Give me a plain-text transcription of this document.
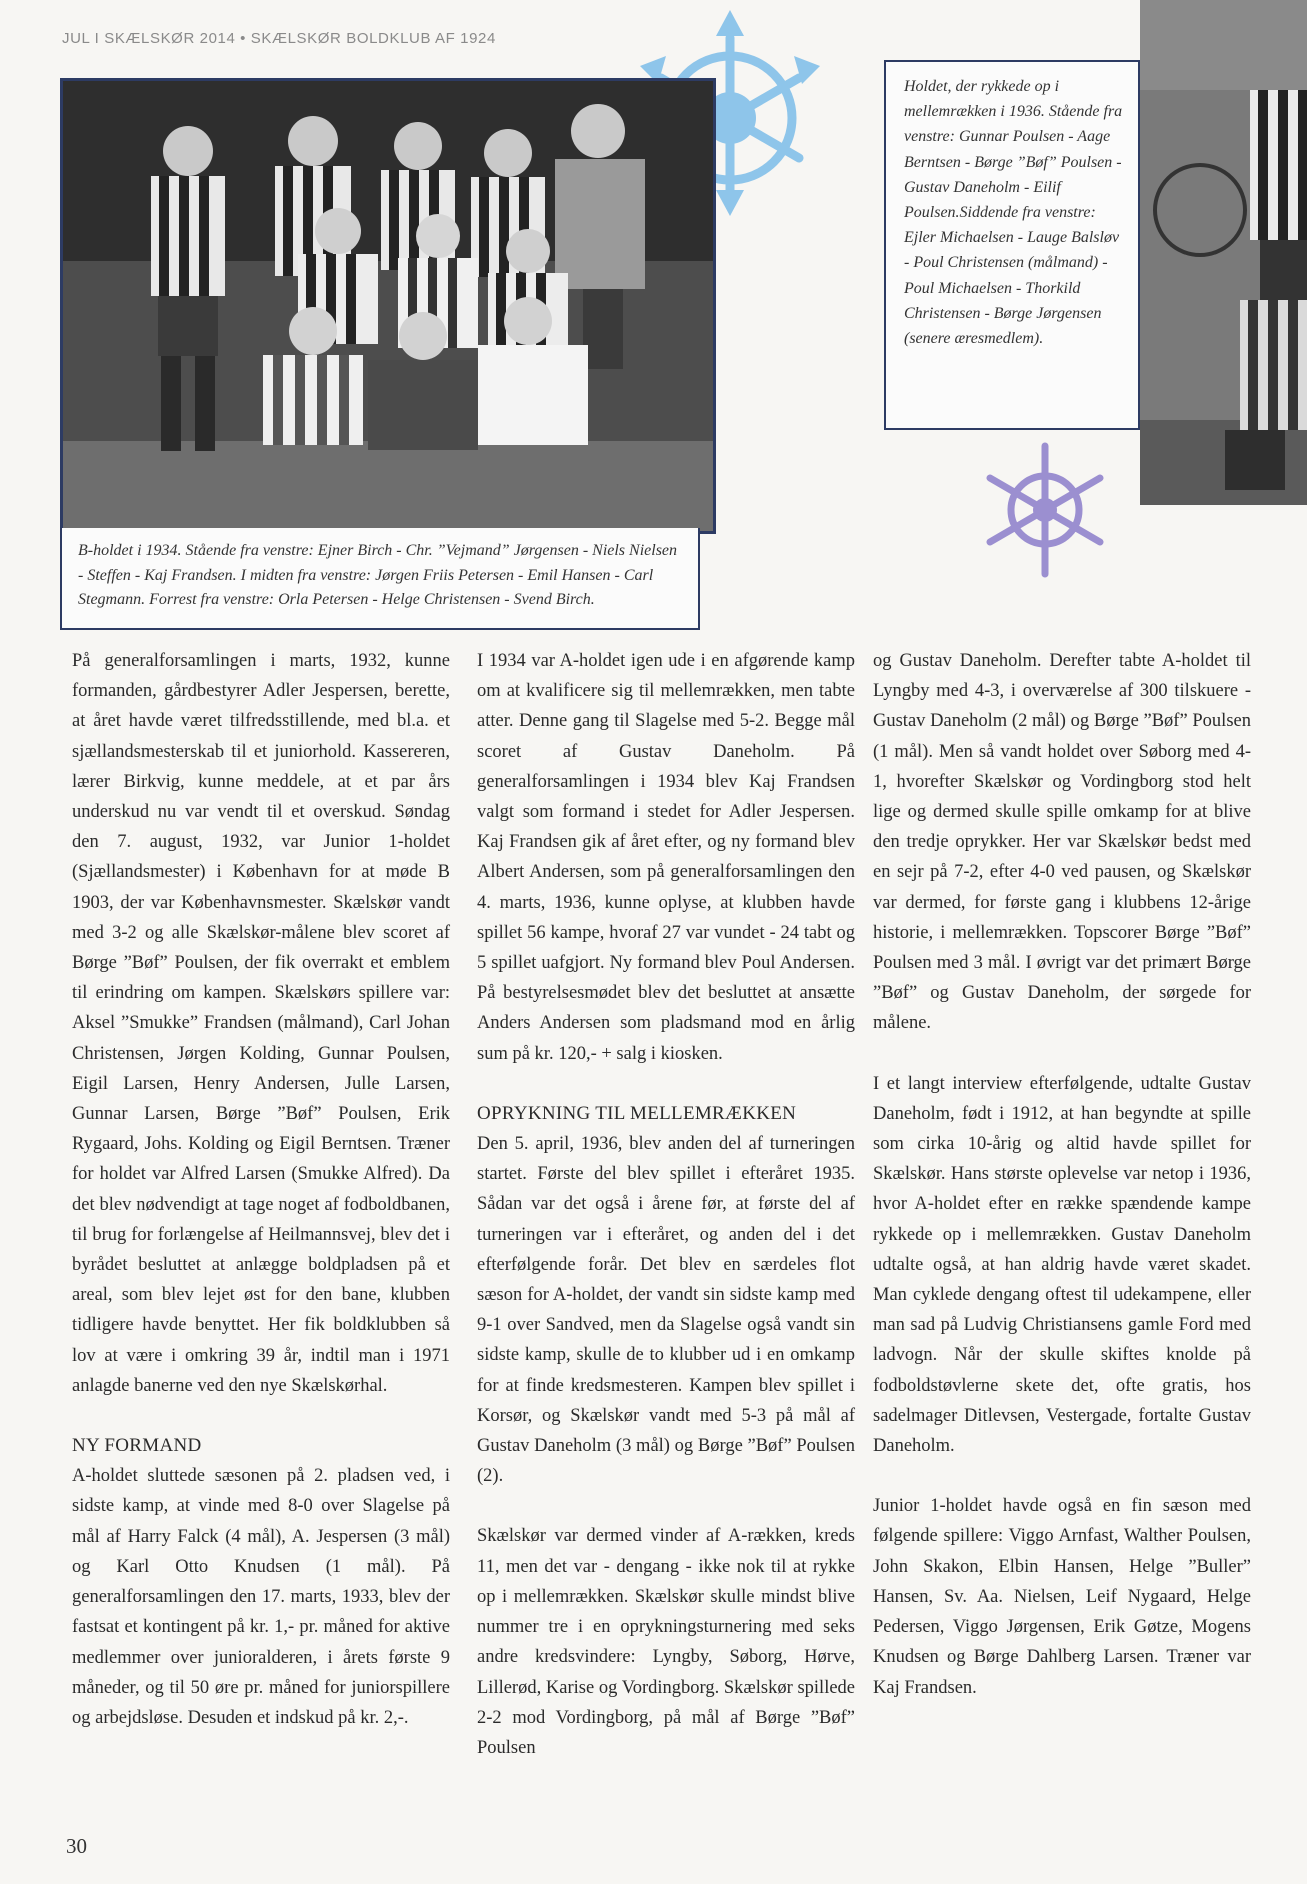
JUL I SKÆLSKØR 2014 • SKÆLSKØR BOLDKLUB AF 1924
B-holdet i 1934. Stående fra venstre: Ejner Birch - Chr. ”Vejmand” Jørgensen - Niels Nielsen - Steffen - Kaj Frandsen. I midten fra venstre: Jørgen Friis Petersen - Emil Hansen - Carl Stegmann. Forrest fra venstre: Orla Petersen - Helge Christensen - Svend Birch.
Holdet, der rykkede op i mellemrækken i 1936. Stående fra venstre: Gunnar Poulsen - Aage Berntsen - Børge ”Bøf” Poulsen - Gustav Daneholm - Eilif Poulsen.Siddende fra venstre: Ejler Michaelsen - Lauge Balsløv - Poul Christensen (målmand) - Poul Michaelsen - Thorkild Christensen - Børge Jørgensen (senere æresmedlem).

På generalforsamlingen i marts, 1932, kunne formanden, gårdbestyrer Adler Jespersen, berette, at året havde været tilfredsstillende, med bl.a. et sjællandsmesterskab til et juniorhold. Kassereren, lærer Birkvig, kunne meddele, at et par års underskud nu var vendt til et overskud. Søndag den 7. august, 1932, var Junior 1-holdet (Sjællandsmester) i København for at møde B 1903, der var Københavnsmester. Skælskør vandt med 3-2 og alle Skælskør-målene blev scoret af Børge ”Bøf” Poulsen, der fik overrakt et emblem til erindring om kampen. Skælskørs spillere var: Aksel ”Smukke” Frandsen (målmand), Carl Johan Christensen, Jørgen Kolding, Gunnar Poulsen, Eigil Larsen, Henry Andersen, Julle Larsen, Gunnar Larsen, Børge ”Bøf” Poulsen, Erik Rygaard, Johs. Kolding og Eigil Berntsen. Træner for holdet var Alfred Larsen (Smukke Alfred). Da det blev nødvendigt at tage noget af fodboldbanen, til brug for forlængelse af Heilmannsvej, blev det i byrådet besluttet at anlægge boldpladsen på et areal, som blev lejet øst for den bane, klubben tidligere havde benyttet. Her fik boldklubben så lov at være i omkring 39 år, indtil man i 1971 anlagde banerne ved den nye Skælskørhal.

NY FORMAND

A-holdet sluttede sæsonen på 2. pladsen ved, i sidste kamp, at vinde med 8-0 over Slagelse på mål af Harry Falck (4 mål), A. Jespersen (3 mål) og Karl Otto Knudsen (1 mål). På generalforsamlingen den 17. marts, 1933, blev der fastsat et kontingent på kr. 1,- pr. måned for aktive medlemmer over junioralderen, i årets første 9 måneder, og til 50 øre pr. måned for juniorspillere og arbejdsløse. Desuden et indskud på kr. 2,-.

I 1934 var A-holdet igen ude i en afgørende kamp om at kvalificere sig til mellemrækken, men tabte atter. Denne gang til Slagelse med 5-2. Begge mål scoret af Gustav Daneholm. På generalforsamlingen i 1934 blev Kaj Frandsen valgt som formand i stedet for Adler Jespersen. Kaj Frandsen gik af året efter, og ny formand blev Albert Andersen, som på generalforsamlingen den 4. marts, 1936, kunne oplyse, at klubben havde spillet 56 kampe, hvoraf 27 var vundet - 24 tabt og 5 spillet uafgjort. Ny formand blev Poul Andersen. På bestyrelsesmødet blev det besluttet at ansætte Anders Andersen som pladsmand mod en årlig sum på kr. 120,- + salg i kiosken.

OPRYKNING TIL MELLEMRÆKKEN

Den 5. april, 1936, blev anden del af turneringen startet. Første del blev spillet i efteråret 1935. Sådan var det også i årene før, at første del af turneringen var i efteråret, og anden del i det efterfølgende forår. Det blev en særdeles flot sæson for A-holdet, der vandt sin sidste kamp med 9-1 over Sandved, men da Slagelse også vandt sin sidste kamp, skulle de to klubber ud i en omkamp for at finde kredsmesteren. Kampen blev spillet i Korsør, og Skælskør vandt med 5-3 på mål af Gustav Daneholm (3 mål) og Børge ”Bøf” Poulsen (2).

Skælskør var dermed vinder af A-rækken, kreds 11, men det var - dengang - ikke nok til at rykke op i mellemrækken. Skælskør skulle mindst blive nummer tre i en oprykningsturnering med seks andre kredsvindere: Lyngby, Søborg, Hørve, Lillerød, Karise og Vordingborg. Skælskør spillede 2-2 mod Vordingborg, på mål af Børge ”Bøf” Poulsen

og Gustav Daneholm. Derefter tabte A-holdet til Lyngby med 4-3, i overværelse af 300 tilskuere - Gustav Daneholm (2 mål) og Børge ”Bøf” Poulsen (1 mål). Men så vandt holdet over Søborg med 4-1, hvorefter Skælskør og Vordingborg stod helt lige og dermed skulle spille omkamp for at blive den tredje oprykker. Her var Skælskør bedst med en sejr på 7-2, efter 4-0 ved pausen, og Skælskør var dermed, for første gang i klubbens 12-årige historie, i mellemrækken. Topscorer Børge ”Bøf” Poulsen med 3 mål. I øvrigt var det primært Børge ”Bøf” og Gustav Daneholm, der sørgede for målene.

I et langt interview efterfølgende, udtalte Gustav Daneholm, født i 1912, at han begyndte at spille som cirka 10-årig og altid havde spillet for Skælskør. Hans største oplevelse var netop i 1936, hvor A-holdet efter en række spændende kampe rykkede op i mellemrækken. Gustav Daneholm udtalte også, at han aldrig havde været skadet. Man cyklede dengang oftest til udekampene, eller man sad på Ludvig Christiansens gamle Ford med ladvogn. Når der skulle skiftes knolde på fodboldstøvlerne skete det, ofte gratis, hos sadelmager Ditlevsen, Vestergade, fortalte Gustav Daneholm.

Junior 1-holdet havde også en fin sæson med følgende spillere: Viggo Arnfast, Walther Poulsen, John Skakon, Elbin Hansen, Helge ”Buller” Hansen, Sv. Aa. Nielsen, Leif Nygaard, Helge Pedersen, Viggo Jørgensen, Erik Gøtze, Mogens Knudsen og Børge Dahlberg Larsen. Træner var Kaj Frandsen.

30
